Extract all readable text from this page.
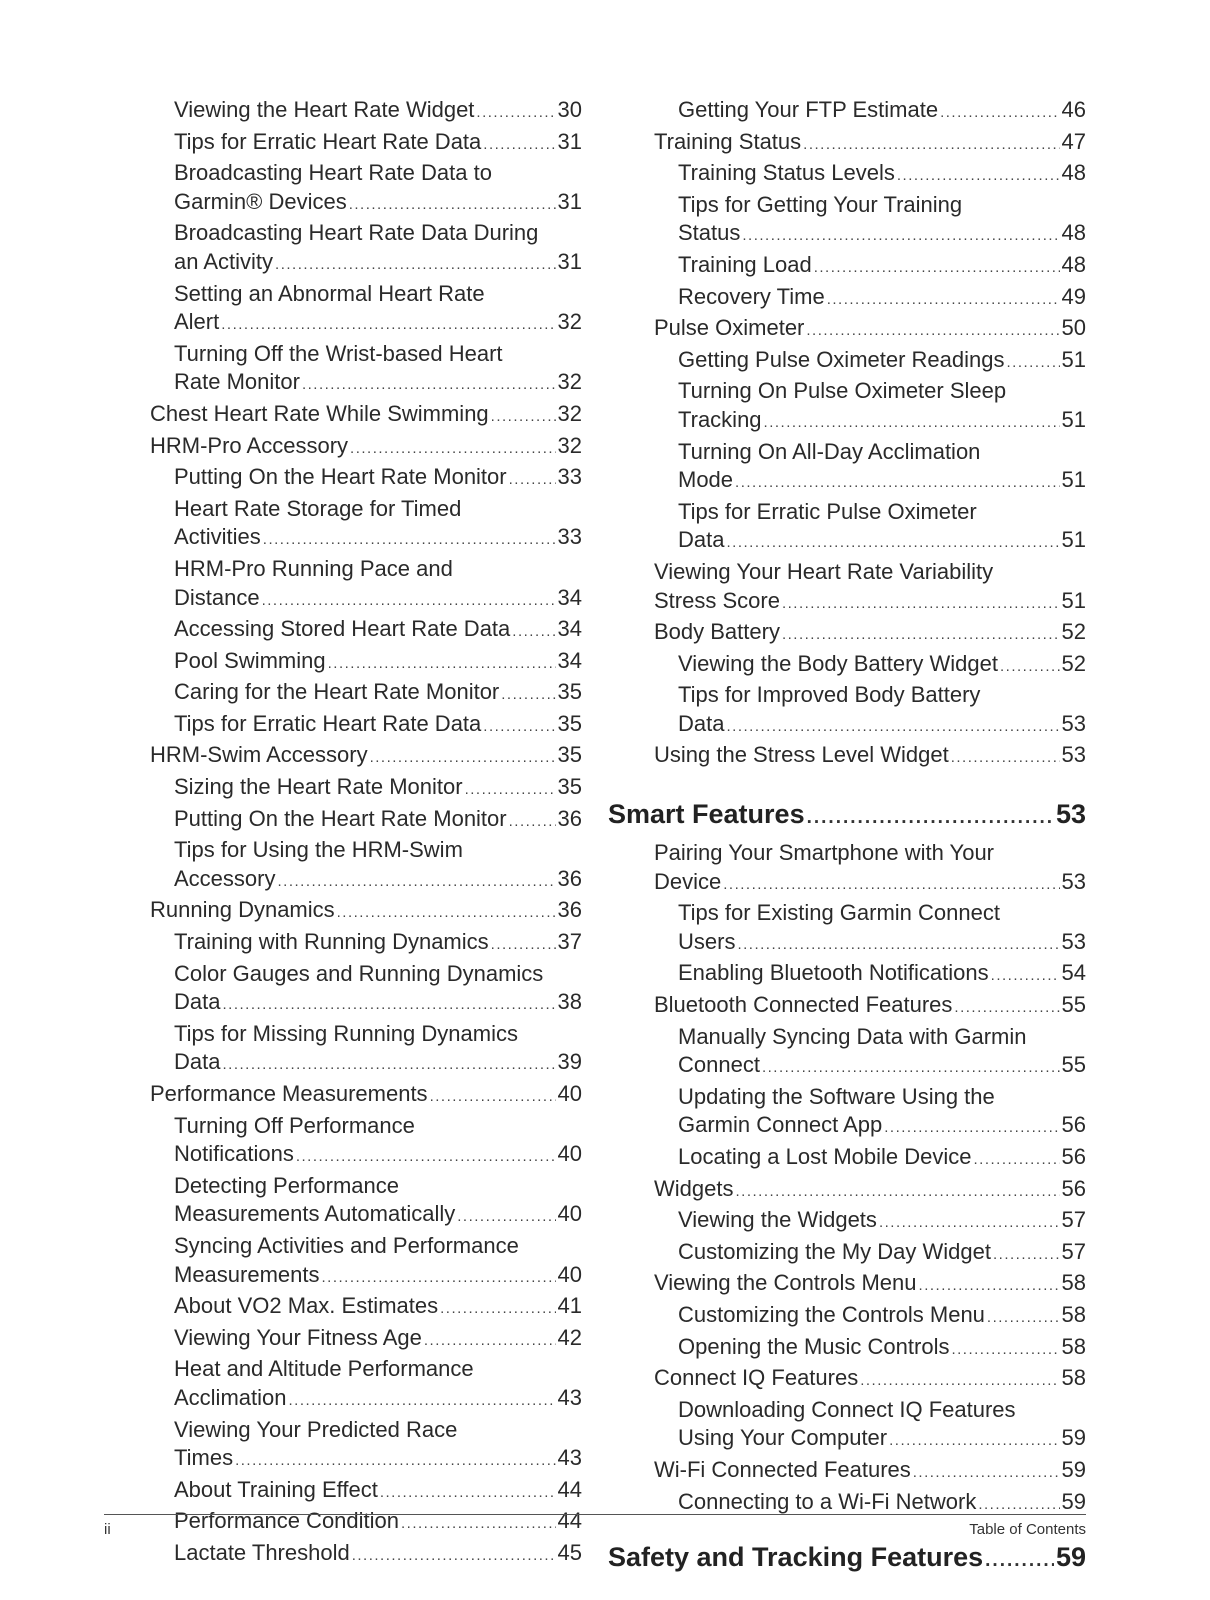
Viewing the Heart Rate Widget .....	30
Tips for Erratic Heart Rate Data .....	31
Broadcasting Heart Rate Data to
Garmin® Devices .....	31
Broadcasting Heart Rate Data During
an Activity .....	31
Setting an Abnormal Heart Rate
Alert .....	32
Turning Off the Wrist-based Heart
Rate Monitor .....	32
Chest Heart Rate While Swimming .....	32
HRM-Pro Accessory .....	32
Putting On the Heart Rate Monitor ..... 33
Heart Rate Storage for Timed
Activities .....	33
HRM-Pro Running Pace and
Distance .....	34
Accessing Stored Heart Rate Data ..... 34
Pool Swimming .....	34
Caring for the Heart Rate Monitor .....	35
Tips for Erratic Heart Rate Data .....	35
HRM-Swim Accessory .....	35
Sizing the Heart Rate Monitor .....	35
Putting On the Heart Rate Monitor ..... 36
Tips for Using the HRM-Swim
Accessory .....	36
Running Dynamics .....	36
Training with Running Dynamics .....	37
Color Gauges and Running Dynamics
Data .....	38
Tips for Missing Running Dynamics
Data .....	39
Performance Measurements .....	40
Turning Off Performance
Notifications .....	40
Detecting Performance
Measurements Automatically .....	40
Syncing Activities and Performance
Measurements .....	40
About VO2 Max. Estimates .....	41
Viewing Your Fitness Age .....	42
Heat and Altitude Performance
Acclimation .....	43
Viewing Your Predicted Race
Times .....	43
About Training Effect .....	44
Performance Condition .....	44
Lactate Threshold .....	45
Getting Your FTP Estimate .....	46
Training Status .....	47
Training Status Levels .....	48
Tips for Getting Your Training
Status .....	48
Training Load .....	48
Recovery Time .....	49
Pulse Oximeter .....	50
Getting Pulse Oximeter Readings .....	51
Turning On Pulse Oximeter Sleep
Tracking .....	51
Turning On All-Day Acclimation
Mode .....	51
Tips for Erratic Pulse Oximeter
Data .....	51
Viewing Your Heart Rate Variability
Stress Score .....	51
Body Battery .....	52
Viewing the Body Battery Widget .....	52
Tips for Improved Body Battery
Data .....	53
Using the Stress Level Widget .....	53
Smart Features .....	53
Pairing Your Smartphone with Your
Device .....	53
Tips for Existing Garmin Connect
Users .....	53
Enabling Bluetooth Notifications .....	54
Bluetooth Connected Features .....	55
Manually Syncing Data with Garmin
Connect .....	55
Updating the Software Using the
Garmin Connect App .....	56
Locating a Lost Mobile Device .....	56
Widgets .....	56
Viewing the Widgets .....	57
Customizing the My Day Widget .....	57
Viewing the Controls Menu .....	58
Customizing the Controls Menu .....	58
Opening the Music Controls .....	58
Connect IQ Features .....	58
Downloading Connect IQ Features
Using Your Computer .....	59
Wi-Fi Connected Features .....	59
Connecting to a Wi-Fi Network .....	59
Safety and Tracking Features .....	59
ii	Table of Contents
